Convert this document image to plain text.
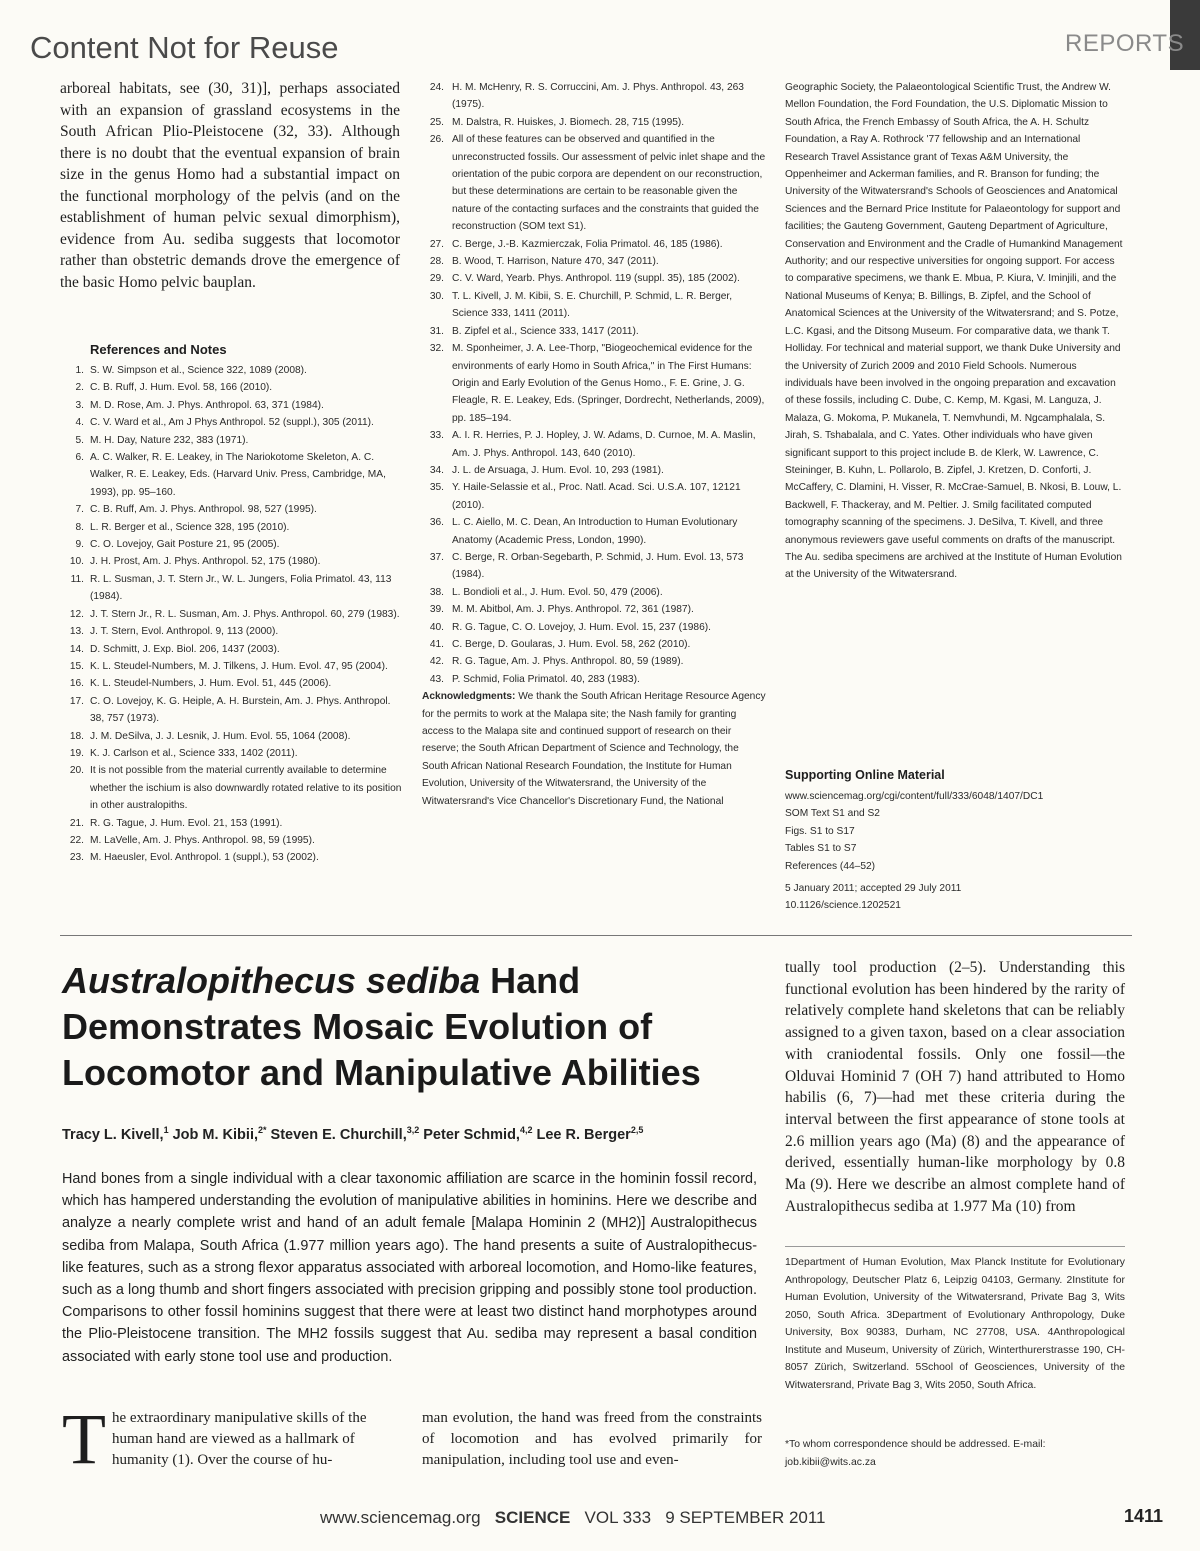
Content Not for Reuse	REPORTS
arboreal habitats, see (30, 31)], perhaps associated with an expansion of grassland ecosystems in the South African Plio-Pleistocene (32, 33). Although there is no doubt that the eventual expansion of brain size in the genus Homo had a substantial impact on the functional morphology of the pelvis (and on the establishment of human pelvic sexual dimorphism), evidence from Au. sediba suggests that locomotor rather than obstetric demands drove the emergence of the basic Homo pelvic bauplan.
References and Notes
1. S. W. Simpson et al., Science 322, 1089 (2008).
2. C. B. Ruff, J. Hum. Evol. 58, 166 (2010).
3. M. D. Rose, Am. J. Phys. Anthropol. 63, 371 (1984).
4. C. V. Ward et al., Am J Phys Anthropol. 52 (suppl.), 305 (2011).
5. M. H. Day, Nature 232, 383 (1971).
6. A. C. Walker, R. E. Leakey, in The Nariokotome Skeleton, A. C. Walker, R. E. Leakey, Eds. (Harvard Univ. Press, Cambridge, MA, 1993), pp. 95–160.
7. C. B. Ruff, Am. J. Phys. Anthropol. 98, 527 (1995).
8. L. R. Berger et al., Science 328, 195 (2010).
9. C. O. Lovejoy, Gait Posture 21, 95 (2005).
10. J. H. Prost, Am. J. Phys. Anthropol. 52, 175 (1980).
11. R. L. Susman, J. T. Stern Jr., W. L. Jungers, Folia Primatol. 43, 113 (1984).
12. J. T. Stern Jr., R. L. Susman, Am. J. Phys. Anthropol. 60, 279 (1983).
13. J. T. Stern, Evol. Anthropol. 9, 113 (2000).
14. D. Schmitt, J. Exp. Biol. 206, 1437 (2003).
15. K. L. Steudel-Numbers, M. J. Tilkens, J. Hum. Evol. 47, 95 (2004).
16. K. L. Steudel-Numbers, J. Hum. Evol. 51, 445 (2006).
17. C. O. Lovejoy, K. G. Heiple, A. H. Burstein, Am. J. Phys. Anthropol. 38, 757 (1973).
18. J. M. DeSilva, J. J. Lesnik, J. Hum. Evol. 55, 1064 (2008).
19. K. J. Carlson et al., Science 333, 1402 (2011).
20. It is not possible from the material currently available to determine whether the ischium is also downwardly rotated relative to its position in other australopiths.
21. R. G. Tague, J. Hum. Evol. 21, 153 (1991).
22. M. LaVelle, Am. J. Phys. Anthropol. 98, 59 (1995).
23. M. Haeusler, Evol. Anthropol. 1 (suppl.), 53 (2002).
24. H. M. McHenry, R. S. Corruccini, Am. J. Phys. Anthropol. 43, 263 (1975).
25. M. Dalstra, R. Huiskes, J. Biomech. 28, 715 (1995).
26. All of these features can be observed and quantified in the unreconstructed fossils. Our assessment of pelvic inlet shape and the orientation of the pubic corpora are dependent on our reconstruction, but these determinations are certain to be reasonable given the nature of the contacting surfaces and the constraints that guided the reconstruction (SOM text S1).
27. C. Berge, J.-B. Kazmierczak, Folia Primatol. 46, 185 (1986).
28. B. Wood, T. Harrison, Nature 470, 347 (2011).
29. C. V. Ward, Yearb. Phys. Anthropol. 119 (suppl. 35), 185 (2002).
30. T. L. Kivell, J. M. Kibii, S. E. Churchill, P. Schmid, L. R. Berger, Science 333, 1411 (2011).
31. B. Zipfel et al., Science 333, 1417 (2011).
32. M. Sponheimer, J. A. Lee-Thorp, "Biogeochemical evidence for the environments of early Homo in South Africa," in The First Humans: Origin and Early Evolution of the Genus Homo., F. E. Grine, J. G. Fleagle, R. E. Leakey, Eds. (Springer, Dordrecht, Netherlands, 2009), pp. 185–194.
33. A. I. R. Herries, P. J. Hopley, J. W. Adams, D. Curnoe, M. A. Maslin, Am. J. Phys. Anthropol. 143, 640 (2010).
34. J. L. de Arsuaga, J. Hum. Evol. 10, 293 (1981).
35. Y. Haile-Selassie et al., Proc. Natl. Acad. Sci. U.S.A. 107, 12121 (2010).
36. L. C. Aiello, M. C. Dean, An Introduction to Human Evolutionary Anatomy (Academic Press, London, 1990).
37. C. Berge, R. Orban-Segebarth, P. Schmid, J. Hum. Evol. 13, 573 (1984).
38. L. Bondioli et al., J. Hum. Evol. 50, 479 (2006).
39. M. M. Abitbol, Am. J. Phys. Anthropol. 72, 361 (1987).
40. R. G. Tague, C. O. Lovejoy, J. Hum. Evol. 15, 237 (1986).
41. C. Berge, D. Goularas, J. Hum. Evol. 58, 262 (2010).
42. R. G. Tague, Am. J. Phys. Anthropol. 80, 59 (1989).
43. P. Schmid, Folia Primatol. 40, 283 (1983).
Acknowledgments: We thank the South African Heritage Resource Agency for the permits to work at the Malapa site; the Nash family for granting access to the Malapa site and continued support of research on their reserve; the South African Department of Science and Technology, the South African National Research Foundation, the Institute for Human Evolution, University of the Witwatersrand, the University of the Witwatersrand's Vice Chancellor's Discretionary Fund, the National
Geographic Society, the Palaeontological Scientific Trust, the Andrew W. Mellon Foundation, the Ford Foundation, the U.S. Diplomatic Mission to South Africa, the French Embassy of South Africa, the A. H. Schultz Foundation, a Ray A. Rothrock '77 fellowship and an International Research Travel Assistance grant of Texas A&M University, the Oppenheimer and Ackerman families, and R. Branson for funding; the University of the Witwatersrand's Schools of Geosciences and Anatomical Sciences and the Bernard Price Institute for Palaeontology for support and facilities; the Gauteng Government, Gauteng Department of Agriculture, Conservation and Environment and the Cradle of Humankind Management Authority; and our respective universities for ongoing support. For access to comparative specimens, we thank E. Mbua, P. Kiura, V. Iminjili, and the National Museums of Kenya; B. Billings, B. Zipfel, and the School of Anatomical Sciences at the University of the Witwatersrand; and S. Potze, L.C. Kgasi, and the Ditsong Museum. For comparative data, we thank T. Holliday. For technical and material support, we thank Duke University and the University of Zurich 2009 and 2010 Field Schools. Numerous individuals have been involved in the ongoing preparation and excavation of these fossils, including C. Dube, C. Kemp, M. Kgasi, M. Languza, J. Malaza, G. Mokoma, P. Mukanela, T. Nemvhundi, M. Ngcamphalala, S. Jirah, S. Tshabalala, and C. Yates. Other individuals who have given significant support to this project include B. de Klerk, W. Lawrence, C. Steininger, B. Kuhn, L. Pollarolo, B. Zipfel, J. Kretzen, D. Conforti, J. McCaffery, C. Dlamini, H. Visser, R. McCrae-Samuel, B. Nkosi, B. Louw, L. Backwell, F. Thackeray, and M. Peltier. J. Smilg facilitated computed tomography scanning of the specimens. J. DeSilva, T. Kivell, and three anonymous reviewers gave useful comments on drafts of the manuscript. The Au. sediba specimens are archived at the Institute of Human Evolution at the University of the Witwatersrand.
Supporting Online Material
www.sciencemag.org/cgi/content/full/333/6048/1407/DC1
SOM Text S1 and S2
Figs. S1 to S17
Tables S1 to S7
References (44–52)
5 January 2011; accepted 29 July 2011
10.1126/science.1202521
Australopithecus sediba Hand Demonstrates Mosaic Evolution of Locomotor and Manipulative Abilities
Tracy L. Kivell,$^1$ Job M. Kibii,$^{2*}$ Steven E. Churchill,$^{3,2}$ Peter Schmid,$^{4,2}$ Lee R. Berger$^{2,5}$
Hand bones from a single individual with a clear taxonomic affiliation are scarce in the hominin fossil record, which has hampered understanding the evolution of manipulative abilities in hominins. Here we describe and analyze a nearly complete wrist and hand of an adult female [Malapa Hominin 2 (MH2)] Australopithecus sediba from Malapa, South Africa (1.977 million years ago). The hand presents a suite of Australopithecus-like features, such as a strong flexor apparatus associated with arboreal locomotion, and Homo-like features, such as a long thumb and short fingers associated with precision gripping and possibly stone tool production. Comparisons to other fossil hominins suggest that there were at least two distinct hand morphotypes around the Plio-Pleistocene transition. The MH2 fossils suggest that Au. sediba may represent a basal condition associated with early stone tool use and production.
The extraordinary manipulative skills of the human hand are viewed as a hallmark of humanity (1). Over the course of hu-
man evolution, the hand was freed from the constraints of locomotion and has evolved primarily for manipulation, including tool use and even-
tually tool production (2–5). Understanding this functional evolution has been hindered by the rarity of relatively complete hand skeletons that can be reliably assigned to a given taxon, based on a clear association with craniodental fossils. Only one fossil—the Olduvai Hominid 7 (OH 7) hand attributed to Homo habilis (6, 7)—had met these criteria during the interval between the first appearance of stone tools at 2.6 million years ago (Ma) (8) and the appearance of derived, essentially human-like morphology by 0.8 Ma (9). Here we describe an almost complete hand of Australopithecus sediba at 1.977 Ma (10) from
1Department of Human Evolution, Max Planck Institute for Evolutionary Anthropology, Deutscher Platz 6, Leipzig 04103, Germany. 2Institute for Human Evolution, University of the Witwatersrand, Private Bag 3, Wits 2050, South Africa. 3Department of Evolutionary Anthropology, Duke University, Box 90383, Durham, NC 27708, USA. 4Anthropological Institute and Museum, University of Zürich, Winterthurerstrasse 190, CH-8057 Zürich, Switzerland. 5School of Geosciences, University of the Witwatersrand, Private Bag 3, Wits 2050, South Africa.
*To whom correspondence should be addressed. E-mail: job.kibii@wits.ac.za
www.sciencemag.org SCIENCE VOL 333 9 SEPTEMBER 2011	1411
